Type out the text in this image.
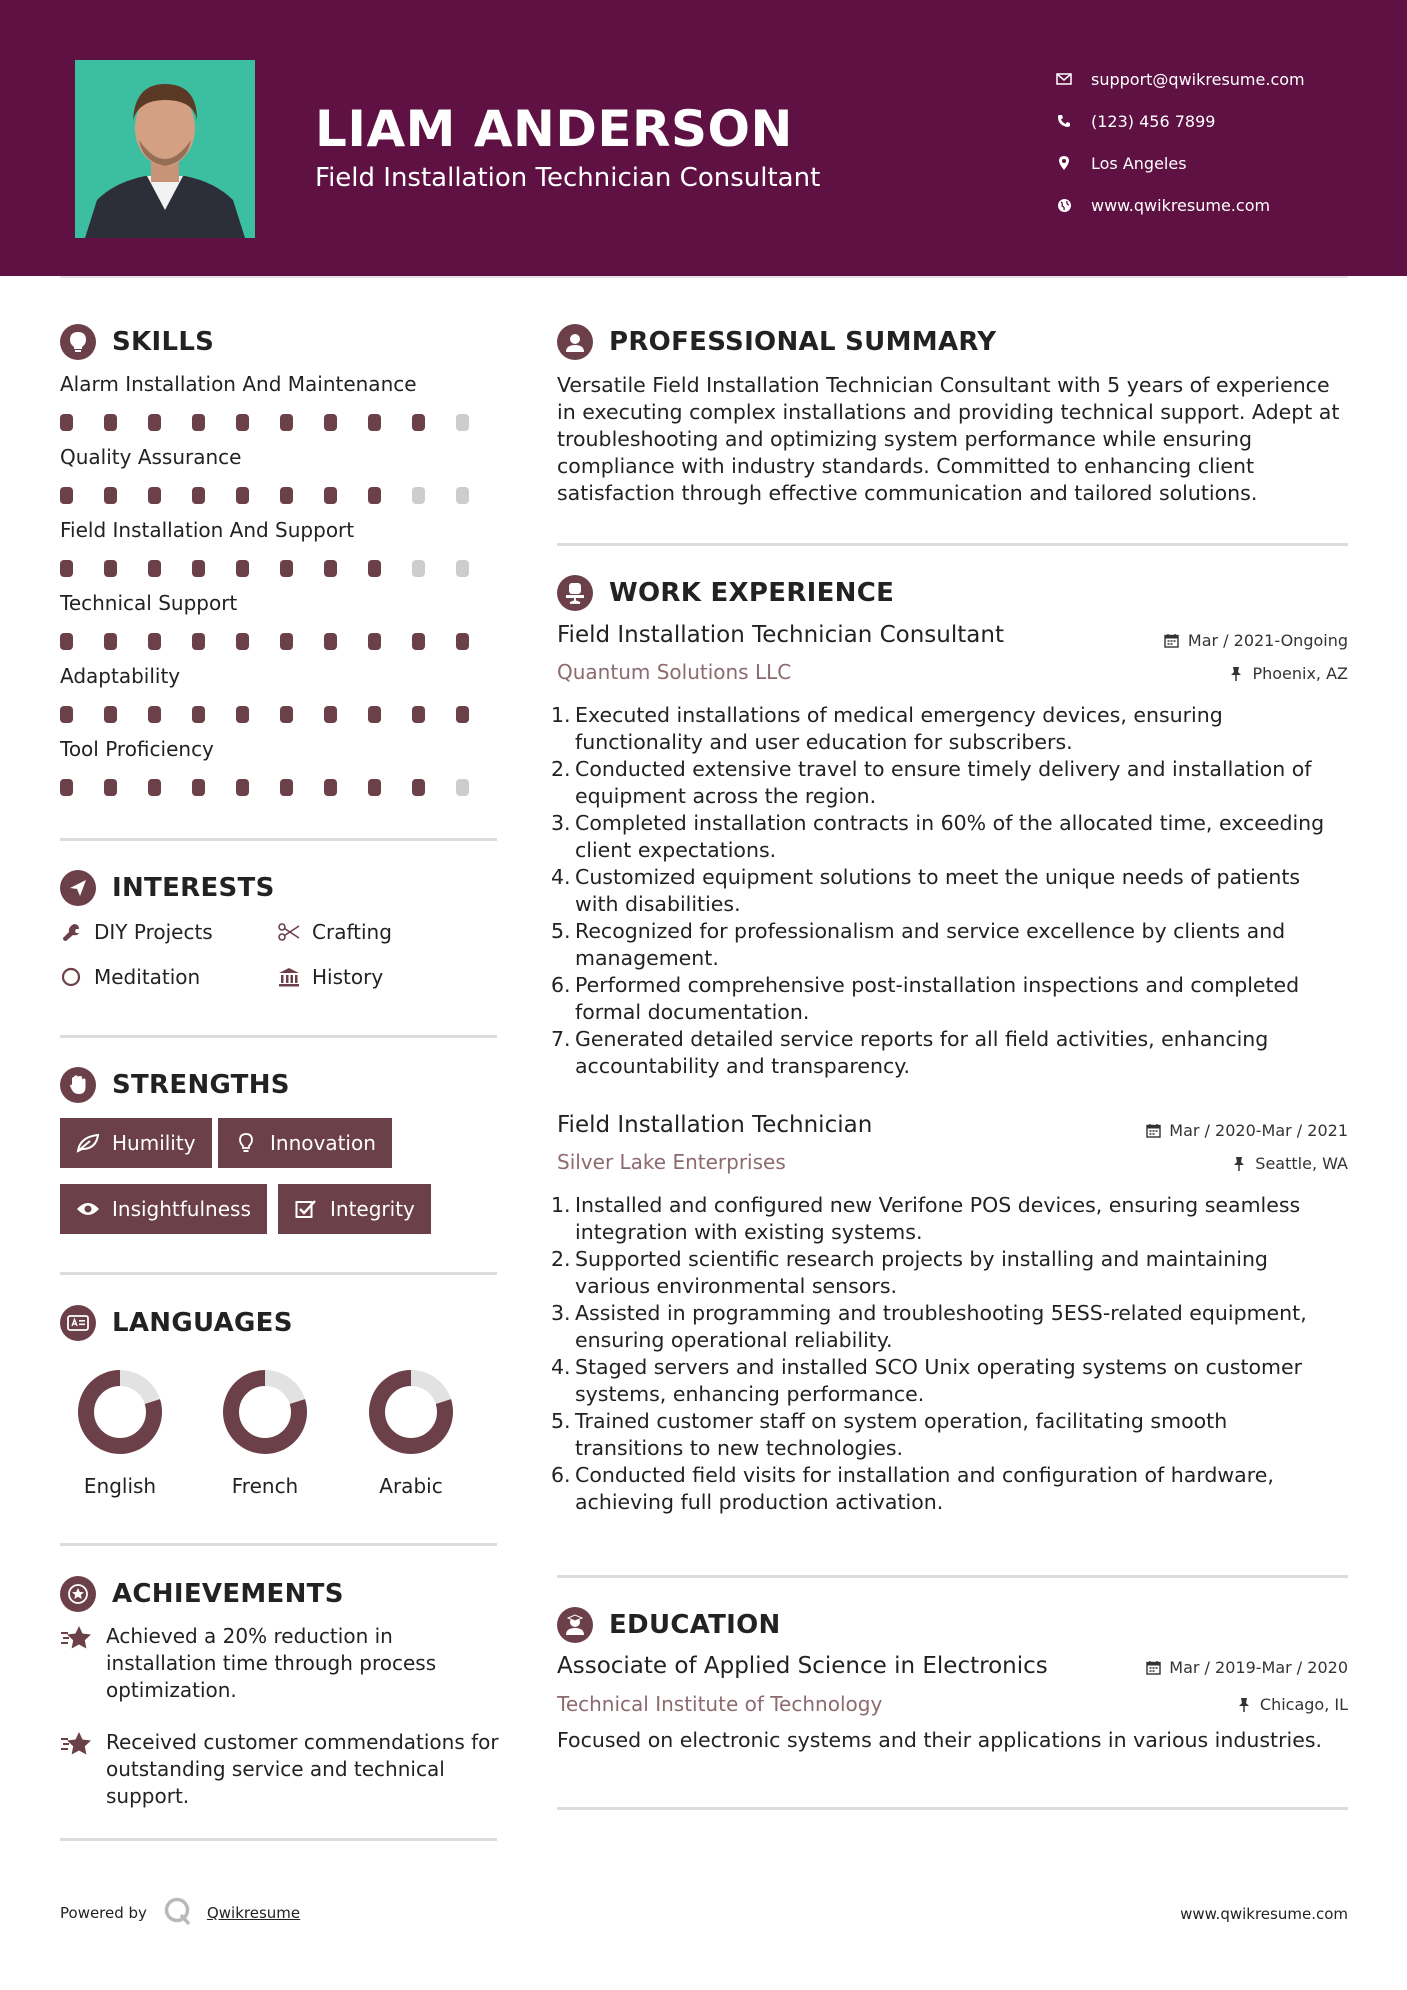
LIAM ANDERSON
Field Installation Technician Consultant
support@qwikresume.com
(123) 456 7899
Los Angeles
www.qwikresume.com
SKILLS
Alarm Installation And Maintenance
Quality Assurance
Field Installation And Support
Technical Support
Adaptability
Tool Proficiency
INTERESTS
DIY Projects	Crafting
Meditation	History
STRENGTHS
Humility	Innovation
Insightfulness	Integrity
LANGUAGES
English	French	Arabic
ACHIEVEMENTS
Achieved a 20% reduction in installation time through process optimization.
Received customer commendations for outstanding service and technical support.
PROFESSIONAL SUMMARY
Versatile Field Installation Technician Consultant with 5 years of experience in executing complex installations and providing technical support. Adept at troubleshooting and optimizing system performance while ensuring compliance with industry standards. Committed to enhancing client satisfaction through effective communication and tailored solutions.
WORK EXPERIENCE
Field Installation Technician Consultant	Mar / 2021-Ongoing
Quantum Solutions LLC	Phoenix, AZ
1. Executed installations of medical emergency devices, ensuring functionality and user education for subscribers.
2. Conducted extensive travel to ensure timely delivery and installation of equipment across the region.
3. Completed installation contracts in 60% of the allocated time, exceeding client expectations.
4. Customized equipment solutions to meet the unique needs of patients with disabilities.
5. Recognized for professionalism and service excellence by clients and management.
6. Performed comprehensive post-installation inspections and completed formal documentation.
7. Generated detailed service reports for all field activities, enhancing accountability and transparency.
Field Installation Technician	Mar / 2020-Mar / 2021
Silver Lake Enterprises	Seattle, WA
1. Installed and configured new Verifone POS devices, ensuring seamless integration with existing systems.
2. Supported scientific research projects by installing and maintaining various environmental sensors.
3. Assisted in programming and troubleshooting 5ESS-related equipment, ensuring operational reliability.
4. Staged servers and installed SCO Unix operating systems on customer systems, enhancing performance.
5. Trained customer staff on system operation, facilitating smooth transitions to new technologies.
6. Conducted field visits for installation and configuration of hardware, achieving full production activation.
EDUCATION
Associate of Applied Science in Electronics	Mar / 2019-Mar / 2020
Technical Institute of Technology	Chicago, IL
Focused on electronic systems and their applications in various industries.
Powered by	Qwikresume	www.qwikresume.com
